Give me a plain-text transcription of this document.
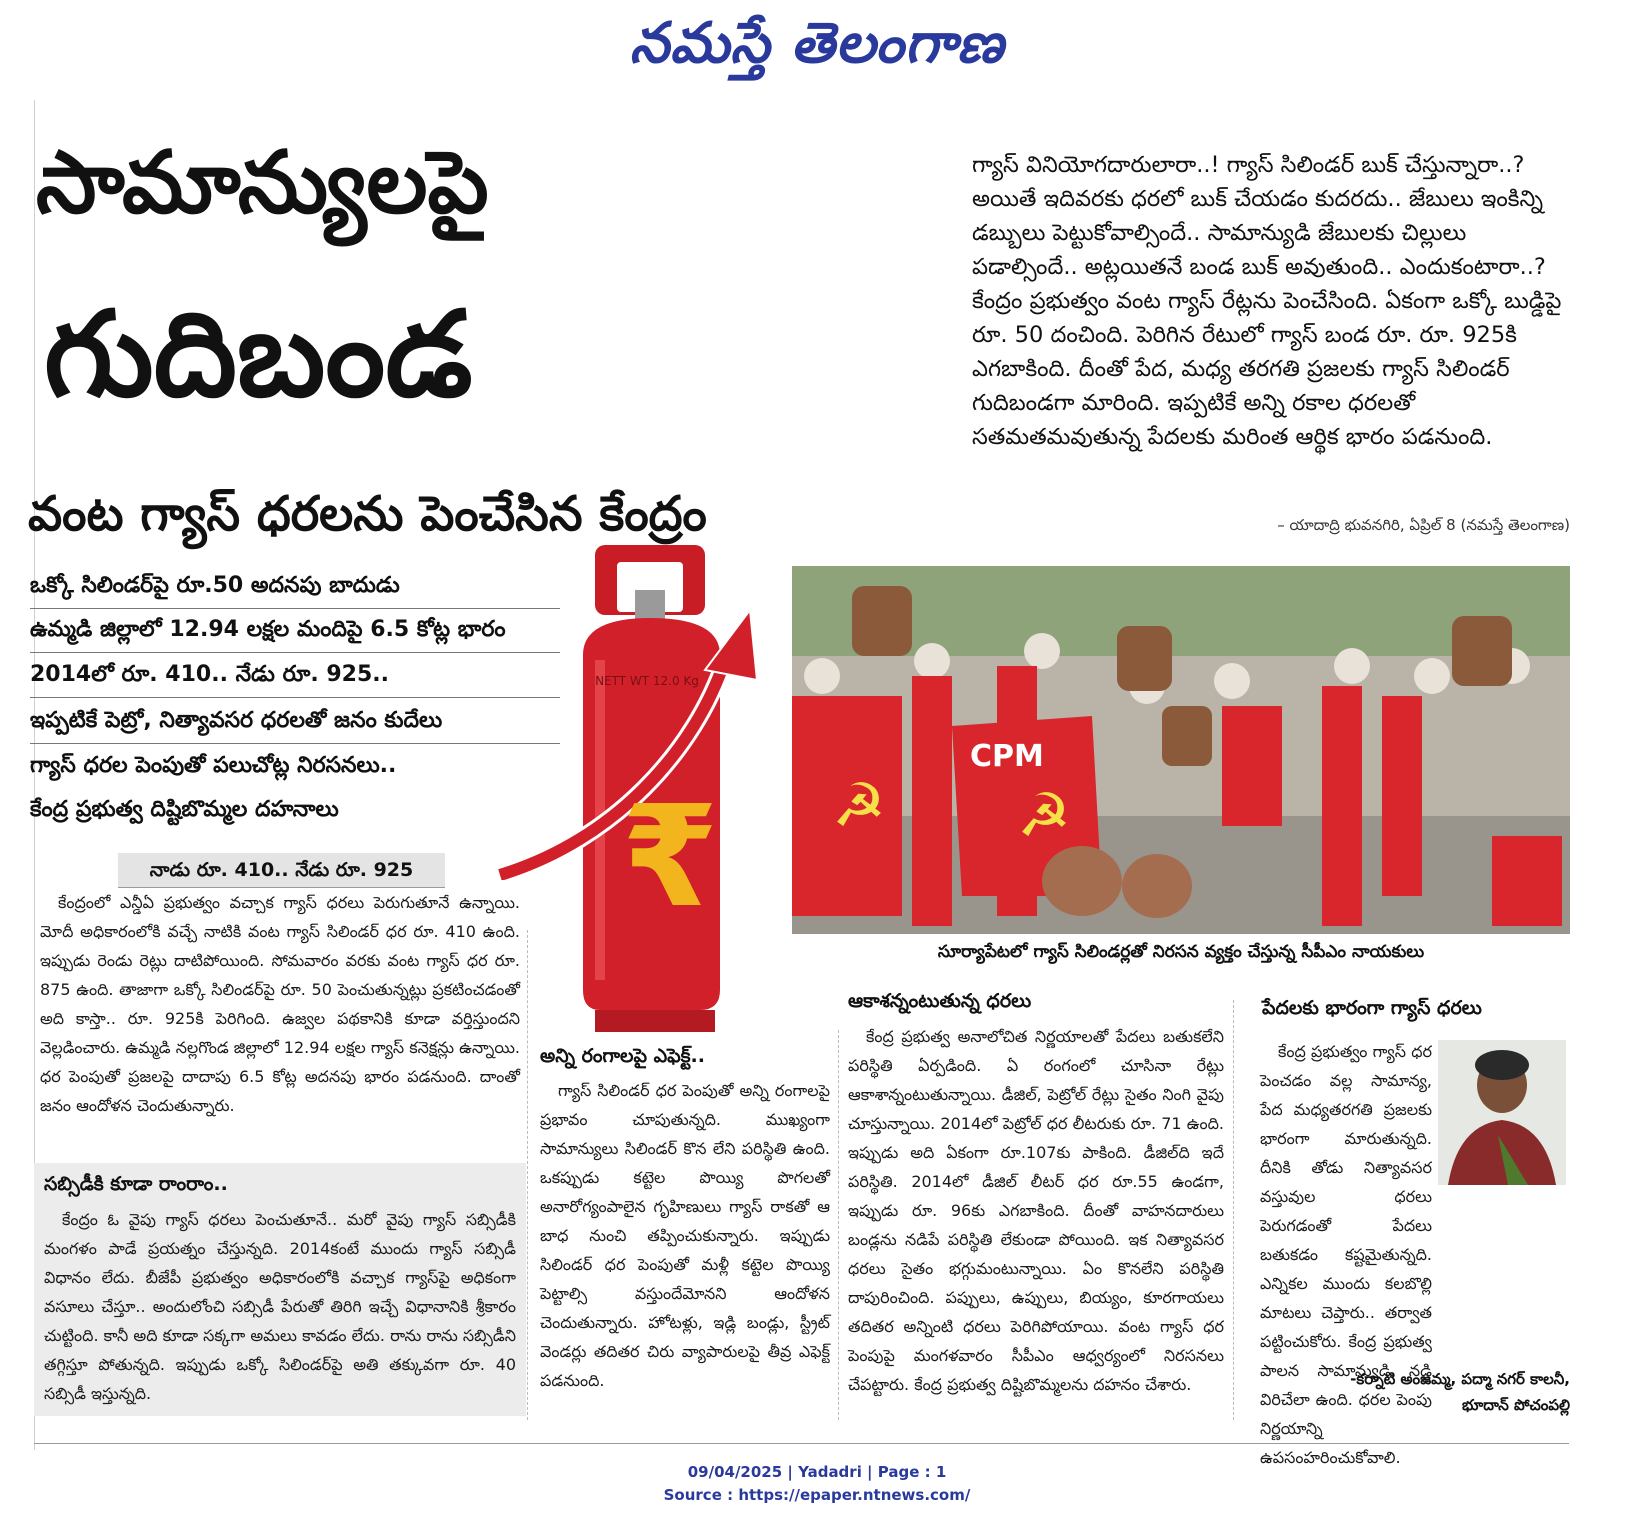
నమస్తే తెలంగాణ
సామాన్యులపై
గుదిబండ
వంట గ్యాస్‌ ధరలను పెంచేసిన కేంద్రం

గ్యాస్‌ వినియోగదారులారా..! గ్యాస్‌ సిలిండర్‌ బుక్‌ చేస్తున్నారా..? అయితే ఇదివరకు ధరలో బుక్‌ చేయడం కుదరదు.. జేబులు ఇంకిన్ని డబ్బులు పెట్టుకోవాల్సిందే.. సామాన్యుడి జేబులకు చిల్లులు పడాల్సిందే.. అట్లయితనే బండ బుక్‌ అవుతుంది.. ఎందుకంటారా..? కేంద్రం ప్రభుత్వం వంట గ్యాస్‌ రేట్లను పెంచేసింది. ఏకంగా ఒక్కో బుడ్డిపై రూ. 50 దంచింది. పెరిగిన రేటులో గ్యాస్‌ బండ రూ. రూ. 925కి ఎగబాకింది. దీంతో పేద, మధ్య తరగతి ప్రజలకు గ్యాస్‌ సిలిండర్‌ గుదిబండగా మారింది. ఇప్పటికే అన్ని రకాల ధరలతో సతమతమవుతున్న పేదలకు మరింత ఆర్థిక భారం పడనుంది.

– యాదాద్రి భువనగిరి, ఏప్రిల్‌ 8 (నమస్తే తెలంగాణ)
ఒక్కో సిలిండర్‌పై రూ.50 అదనపు బాదుడు
ఉమ్మడి జిల్లాలో 12.94 లక్షల మందిపై 6.5 కోట్ల భారం
2014లో రూ. 410.. నేడు రూ. 925..
ఇప్పటికే పెట్రో, నిత్యావసర ధరలతో జనం కుదేలు
గ్యాస్‌ ధరల పెంపుతో పలుచోట్ల నిరసనలు..
కేంద్ర ప్రభుత్వ దిష్టిబొమ్మల దహనాలు
NETT WT 12.0 Kg
₹ ☭ ☭
CPM
సూర్యాపేటలో గ్యాస్‌ సిలిండర్లతో నిరసన వ్యక్తం చేస్తున్న సీపీఎం నాయకులు
నాడు రూ. 410.. నేడు రూ. 925

కేంద్రంలో ఎన్డీఏ ప్రభుత్వం వచ్చాక గ్యాస్‌ ధరలు పెరుగుతూనే ఉన్నాయి. మోదీ అధికారంలోకి వచ్చే నాటికి వంట గ్యాస్‌ సిలిండర్‌ ధర రూ. 410 ఉంది. ఇప్పుడు రెండు రెట్లు దాటిపోయింది. సోమవారం వరకు వంట గ్యాస్‌ ధర రూ. 875 ఉంది. తాజాగా ఒక్కో సిలిండర్‌పై రూ. 50 పెంచుతున్నట్లు ప్రకటించడంతో అది కాస్తా.. రూ. 925కి పెరిగింది. ఉజ్వల పథకానికి కూడా వర్తిస్తుందని వెల్లడించారు. ఉమ్మడి నల్లగొండ జిల్లాలో 12.94 లక్షల గ్యాస్‌ కనెక్షన్లు ఉన్నాయి. ధర పెంపుతో ప్రజలపై దాదాపు 6.5 కోట్ల అదనపు భారం పడనుంది. దాంతో జనం ఆందోళన చెందుతున్నారు.

సబ్సిడీకి కూడా రాంరాం..

కేంద్రం ఓ వైపు గ్యాస్‌ ధరలు పెంచుతూనే.. మరో వైపు గ్యాస్‌ సబ్సిడీకి మంగళం పాడే ప్రయత్నం చేస్తున్నది. 2014కంటే ముందు గ్యాస్‌ సబ్సిడీ విధానం లేదు. బీజేపీ ప్రభుత్వం అధికారంలోకి వచ్చాక గ్యాస్‌పై అధికంగా వసూలు చేస్తూ.. అందులోంచి సబ్సిడీ పేరుతో తిరిగి ఇచ్చే విధానానికి శ్రీకారం చుట్టింది. కానీ అది కూడా సక్కగా అమలు కావడం లేదు. రాను రాను సబ్సిడీని తగ్గిస్తూ పోతున్నది. ఇప్పుడు ఒక్కో సిలిండర్‌పై అతి తక్కువగా రూ. 40 సబ్సిడీ ఇస్తున్నది.

అన్ని రంగాలపై ఎఫెక్ట్‌..

గ్యాస్‌ సిలిండర్‌ ధర పెంపుతో అన్ని రంగాలపై ప్రభావం చూపుతున్నది. ముఖ్యంగా సామాన్యులు సిలిండర్‌ కొన లేని పరిస్థితి ఉంది. ఒకప్పుడు కట్టెల పొయ్యి పొగలతో అనారోగ్యంపాలైన గృహిణులు గ్యాస్‌ రాకతో ఆ బాధ నుంచి తప్పించుకున్నారు. ఇప్పుడు సిలిండర్‌ ధర పెంపుతో మళ్లీ కట్టెల పొయ్యి పెట్టాల్సి వస్తుందేమోనని ఆందోళన చెందుతున్నారు. హోటళ్లు, ఇడ్లి బండ్లు, స్ట్రీట్‌ వెండర్లు తదితర చిరు వ్యాపారులపై తీవ్ర ఎఫెక్ట్‌ పడనుంది.

ఆకాశన్నంటుతున్న ధరలు

కేంద్ర ప్రభుత్వ అనాలోచిత నిర్ణయాలతో పేదలు బతుకలేని పరిస్థితి ఏర్పడింది. ఏ రంగంలో చూసినా రేట్లు ఆకాశాన్నంటుతున్నాయి. డీజిల్‌, పెట్రోల్‌ రేట్లు సైతం నింగి వైపు చూస్తున్నాయి. 2014లో పెట్రోల్‌ ధర లీటరుకు రూ. 71 ఉంది. ఇప్పుడు అది ఏకంగా రూ.107కు పాకింది. డీజిల్‌ది ఇదే పరిస్థితి. 2014లో డీజిల్‌ లీటర్‌ ధర రూ.55 ఉండగా, ఇప్పుడు రూ. 96కు ఎగబాకింది. దీంతో వాహనదారులు బండ్లను నడిపే పరిస్థితి లేకుండా పోయింది. ఇక నిత్యావసర ధరలు సైతం భగ్గుమంటున్నాయి. ఏం కొనలేని పరిస్థితి దాపురించింది. పప్పులు, ఉప్పులు, బియ్యం, కూరగాయలు తదితర అన్నింటి ధరలు పెరిగిపోయాయి. వంట గ్యాస్‌ ధర పెంపుపై మంగళవారం సీపీఎం ఆధ్వర్యంలో నిరసనలు చేపట్టారు. కేంద్ర ప్రభుత్వ దిష్టిబొమ్మలను దహనం చేశారు.

పేదలకు భారంగా గ్యాస్‌ ధరలు

కేంద్ర ప్రభుత్వం గ్యాస్‌ ధర పెంచడం వల్ల సామాన్య, పేద మధ్యతరగతి ప్రజలకు భారంగా మారుతున్నది. దీనికి తోడు నిత్యావసర వస్తువుల ధరలు పెరుగడంతో పేదలు బతుకడం కష్టమైతున్నది. ఎన్నికల ముందు కలబొల్లి మాటలు చెప్తారు.. తర్వాత పట్టించుకోరు. కేంద్ర ప్రభుత్వ పాలన సామాన్యుడి నడ్డి విరిచేలా ఉంది. ధరల పెంపు నిర్ణయాన్ని ఉపసంహరించుకోవాలి.

-కర్నాటి అంజమ్మ, పద్మా నగర్‌ కాలనీ,
భూదాన్‌ పోచంపల్లి
09/04/2025 | Yadadri | Page : 1
Source : https://epaper.ntnews.com/
